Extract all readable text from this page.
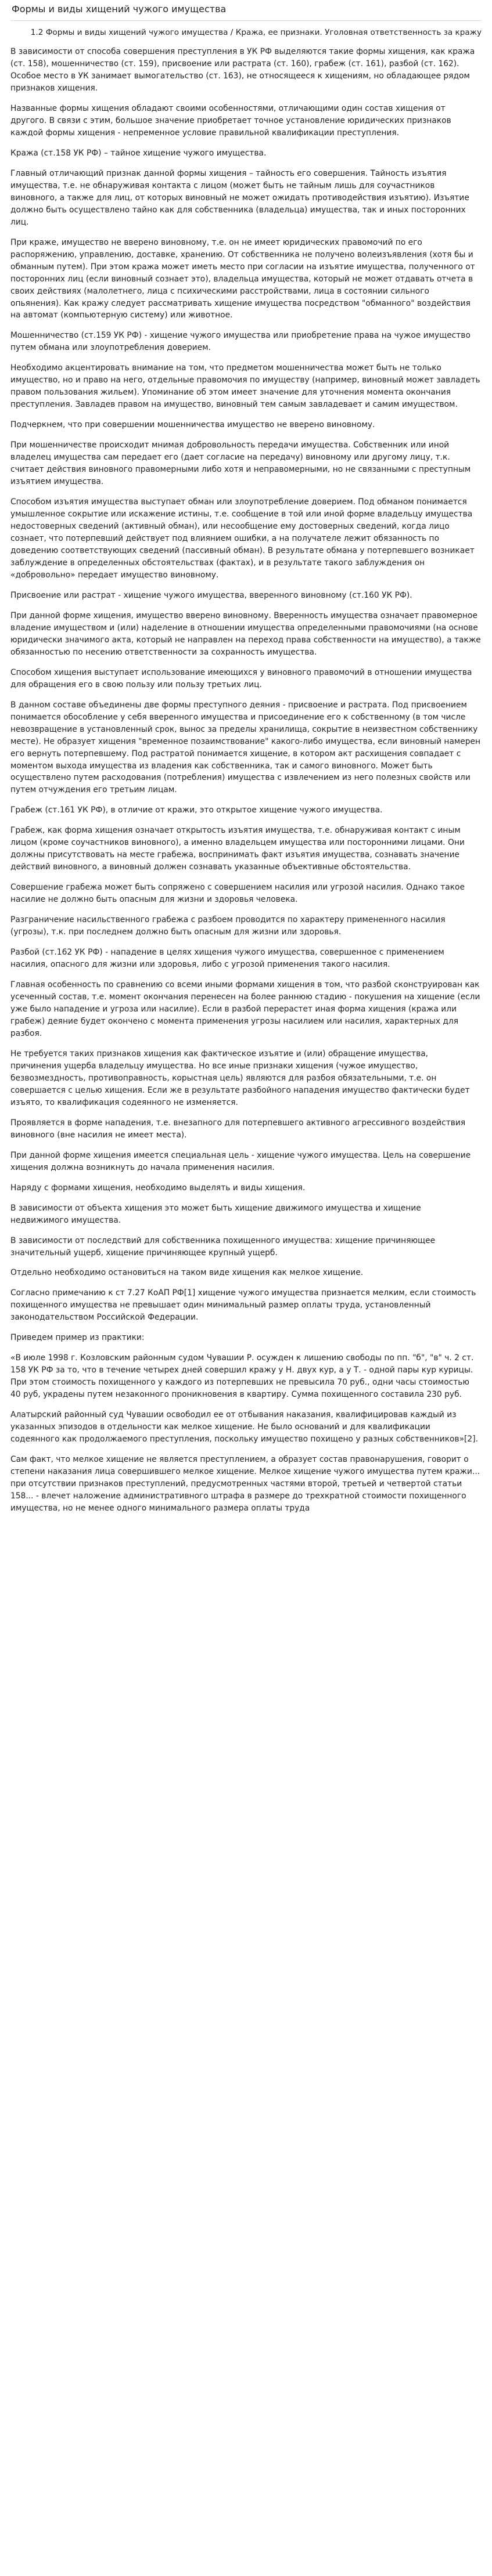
Формы и виды хищений чужого имущества
1.2 Формы и виды хищений чужого имущества / Кража, ее признаки. Уголовная ответственность за кражу

В зависимости от способа совершения преступления в УК РФ выделяются такие формы хищения, как кража (ст. 158), мошенничество (ст. 159), присвоение или растрата (ст. 160), грабеж (ст. 161), разбой (ст. 162). Особое место в УК занимает вымогательство (ст. 163), не относящееся к хищениям, но обладающее рядом признаков хищения.

Названные формы хищения обладают своими особенностями, отличающими один состав хищения от другого. В связи с этим, большое значение приобретает точное установление юридических признаков каждой формы хищения - непременное условие правильной квалификации преступления.

Кража (ст.158 УК РФ) – тайное хищение чужого имущества.

Главный отличающий признак данной формы хищения – тайность его совершения. Тайность изъятия имущества, т.е. не обнаруживая контакта с лицом (может быть не тайным лишь для соучастников виновного, а также для лиц, от которых виновный не может ожидать противодействия изъятию). Изъятие должно быть осуществлено тайно как для собственника (владельца) имущества, так и иных посторонних лиц.

При краже, имущество не вверено виновному, т.е. он не имеет юридических правомочий по его распоряжению, управлению, доставке, хранению. От собственника не получено волеизъявления (хотя бы и обманным путем). При этом кража может иметь место при согласии на изъятие имущества, полученного от посторонних лиц (если виновный сознает это), владельца имущества, который не может отдавать отчета в своих действиях (малолетнего, лица с психическими расстройствами, лица в состоянии сильного опьянения). Как кражу следует рассматривать хищение имущества посредством "обманного" воздействия на автомат (компьютерную систему) или животное.

Мошенничество (ст.159 УК РФ) - хищение чужого имущества или приобретение права на чужое имущество путем обмана или злоупотребления доверием.

Необходимо акцентировать внимание на том, что предметом мошенничества может быть не только имущество, но и право на него, отдельные правомочия по имуществу (например, виновный может завладеть правом пользования жильем). Упоминание об этом имеет значение для уточнения момента окончания преступления. Завладев правом на имущество, виновный тем самым завладевает и самим имуществом.

Подчеркнем, что при совершении мошенничества имущество не вверено виновному.

При мошенничестве происходит мнимая добровольность передачи имущества. Собственник или иной владелец имущества сам передает его (дает согласие на передачу) виновному или другому лицу, т.к. считает действия виновного правомерными либо хотя и неправомерными, но не связанными с преступным изъятием имущества.

Способом изъятия имущества выступает обман или злоупотребление доверием. Под обманом понимается умышленное сокрытие или искажение истины, т.е. сообщение в той или иной форме владельцу имущества недостоверных сведений (активный обман), или несообщение ему достоверных сведений, когда лицо сознает, что потерпевший действует под влиянием ошибки, а на получателе лежит обязанность по доведению соответствующих сведений (пассивный обман). В результате обмана у потерпевшего возникает заблуждение в определенных обстоятельствах (фактах), и в результате такого заблуждения он «добровольно» передает имущество виновному.

Присвоение или растрат - хищение чужого имущества, вверенного виновному (ст.160 УК РФ).

При данной форме хищения, имущество вверено виновному. Вверенность имущества означает правомерное владение имуществом и (или) наделение в отношении имущества определенными правомочиями (на основе юридически значимого акта, который не направлен на переход права собственности на имущество), а также обязанностью по несению ответственности за сохранность имущества.

Способом хищения выступает использование имеющихся у виновного правомочий в отношении имущества для обращения его в свою пользу или пользу третьих лиц.

В данном составе объединены две формы преступного деяния - присвоение и растрата. Под присвоением понимается обособление у себя вверенного имущества и присоединение его к собственному (в том числе невозвращение в установленный срок, вынос за пределы хранилища, сокрытие в неизвестном собственнику месте). Не образует хищения "временное позаимствование" какого-либо имущества, если виновный намерен его вернуть потерпевшему. Под растратой понимается хищение, в котором акт расхищения совпадает с моментом выхода имущества из владения как собственника, так и самого виновного. Может быть осуществлено путем расходования (потребления) имущества с извлечением из него полезных свойств или путем отчуждения его третьим лицам.

Грабеж (ст.161 УК РФ), в отличие от кражи, это открытое хищение чужого имущества.

Грабеж, как форма хищения означает открытость изъятия имущества, т.е. обнаруживая контакт с иным лицом (кроме соучастников виновного), а именно владельцем имущества или посторонними лицами. Они должны присутствовать на месте грабежа, воспринимать факт изъятия имущества, сознавать значение действий виновного, а виновный должен сознавать указанные объективные обстоятельства.

Совершение грабежа может быть сопряжено с совершением насилия или угрозой насилия. Однако такое насилие не должно быть опасным для жизни и здоровья человека.

Разграничение насильственного грабежа с разбоем проводится по характеру примененного насилия (угрозы), т.к. при последнем должно быть опасным для жизни или здоровья.

Разбой (ст.162 УК РФ) - нападение в целях хищения чужого имущества, совершенное с применением насилия, опасного для жизни или здоровья, либо с угрозой применения такого насилия.

Главная особенность по сравнению со всеми иными формами хищения в том, что разбой сконструирован как усеченный состав, т.е. момент окончания перенесен на более раннюю стадию - покушения на хищение (если уже было нападение и угроза или насилие). Если в разбой перерастет иная форма хищения (кража или грабеж) деяние будет окончено с момента применения угрозы насилием или насилия, характерных для разбоя.

Не требуется таких признаков хищения как фактическое изъятие и (или) обращение имущества, причинения ущерба владельцу имущества. Но все иные признаки хищения (чужое имущество, безвозмездность, противоправность, корыстная цель) являются для разбоя обязательными, т.е. он совершается с целью хищения. Если же в результате разбойного нападения имущество фактически будет изъято, то квалификация содеянного не изменяется.

Проявляется в форме нападения, т.е. внезапного для потерпевшего активного агрессивного воздействия виновного (вне насилия не имеет места).

При данной форме хищения имеется специальная цель - хищение чужого имущества. Цель на совершение хищения должна возникнуть до начала применения насилия.

Наряду с формами хищения, необходимо выделять и виды хищения.

В зависимости от объекта хищения это может быть хищение движимого имущества и хищение недвижимого имущества.

В зависимости от последствий для собственника похищенного имущества: хищение причиняющее значительный ущерб, хищение причиняющее крупный ущерб.

Отдельно необходимо остановиться на таком виде хищения как мелкое хищение.

Согласно примечанию к ст 7.27 КоАП РФ[1] хищение чужого имущества признается мелким, если стоимость похищенного имущества не превышает один минимальный размер оплаты труда, установленный законодательством Российской Федерации.

Приведем пример из практики:

«В июле 1998 г. Козловским районным судом Чувашии Р. осужден к лишению свободы по пп. "б", "в" ч. 2 ст. 158 УК РФ за то, что в течение четырех дней совершил кражу у Н. двух кур, а у Т. - одной пары кур курицы. При этом стоимость похищенного у каждого из потерпевших не превысила 70 руб., одни часы стоимостью 40 руб, украдены путем незаконного проникновения в квартиру. Сумма похищенного составила 230 руб.

Алатырский районный суд Чувашии освободил ее от отбывания наказания, квалифицировав каждый из указанных эпизодов в отдельности как мелкое хищение. Не было оснований и для квалификации содеянного как продолжаемого преступления, поскольку имущество похищено у разных собственников»[2].

Сам факт, что мелкое хищение не является преступлением, а образует состав правонарушения, говорит о степени наказания лица совершившего мелкое хищение. Мелкое хищение чужого имущества путем кражи... при отсутствии признаков преступлений, предусмотренных частями второй, третьей и четвертой статьи 158... - влечет наложение административного штрафа в размере до трехкратной стоимости похищенного имущества, но не менее одного минимального размера оплаты труда
